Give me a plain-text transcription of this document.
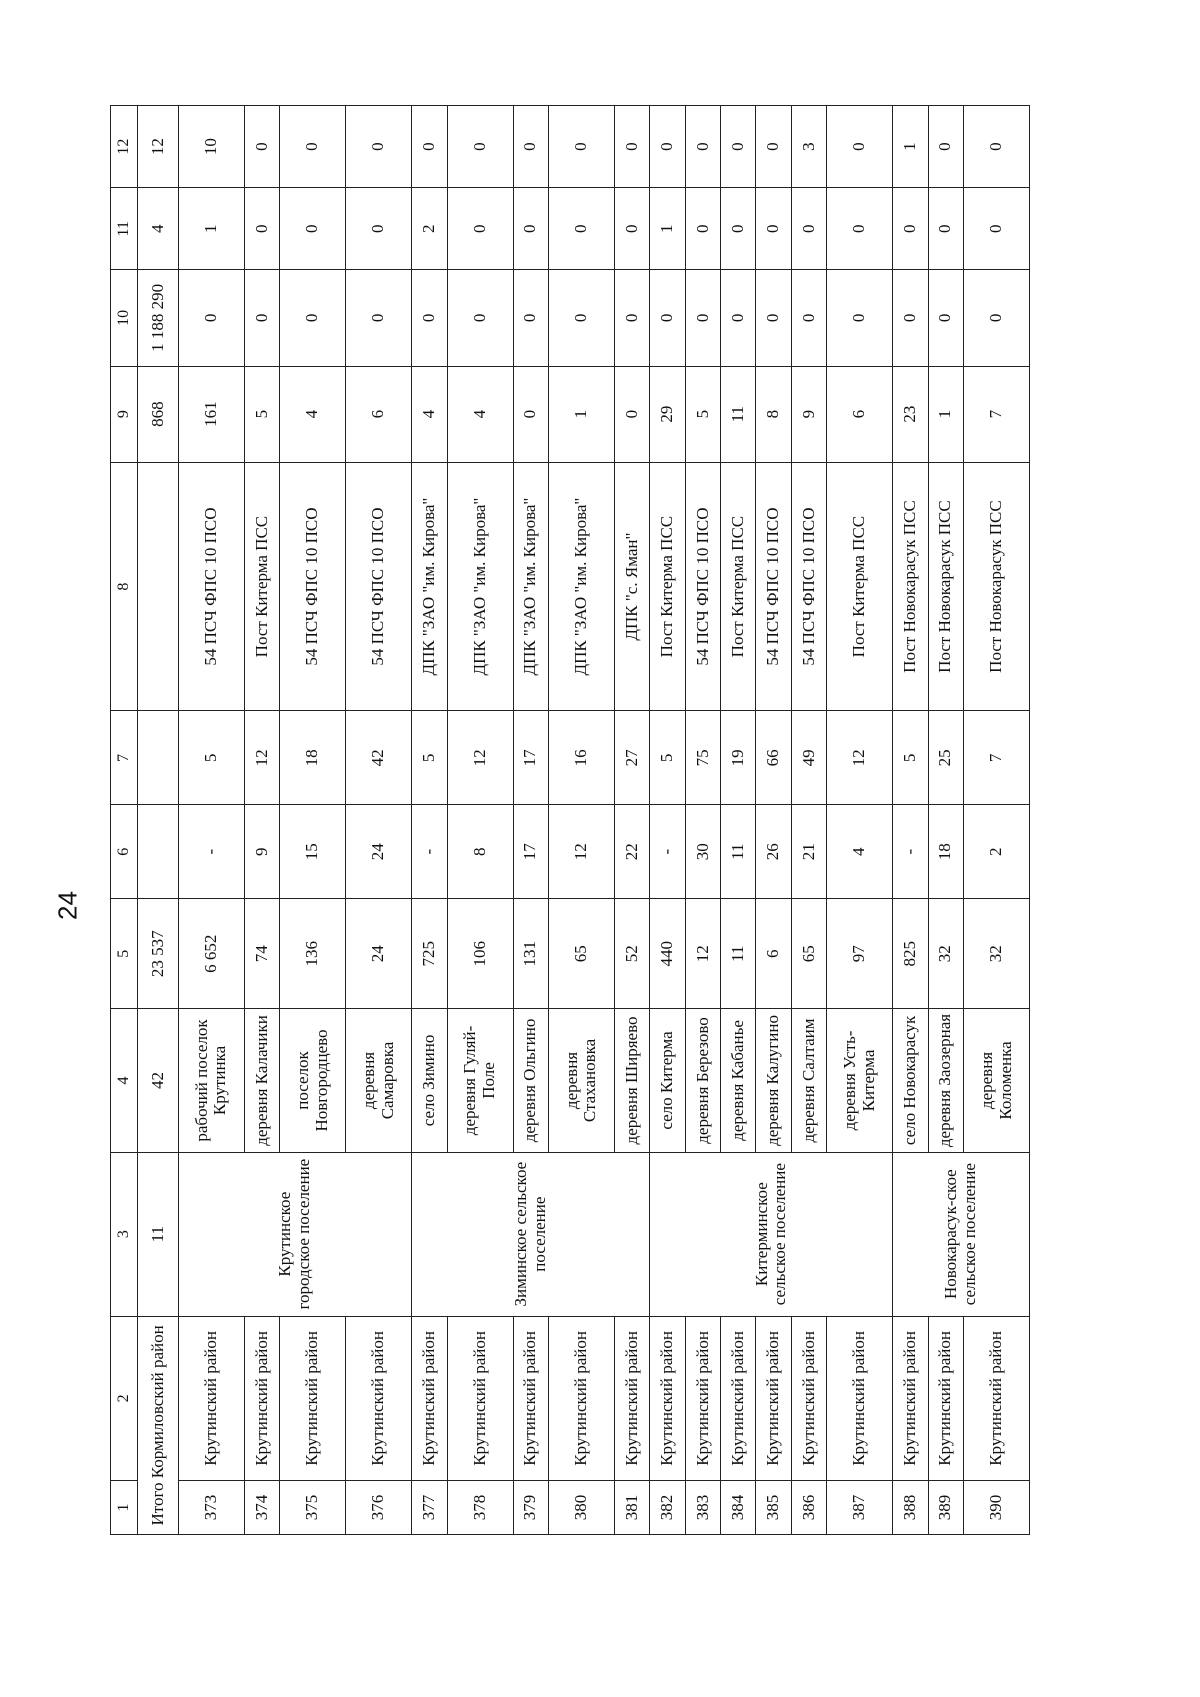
24
1	2	3	4	5	6	7	8	9	10	11	12
Итого Кормиловский район		11	42	23 537				868	1 188 290	4	12
373	Крутинский район	Крутинское городское поселение	рабочий поселок Крутинка	6 652	-	5	54 ПСЧ ФПС 10 ПСО	161	0	1	10
374	Крутинский район		деревня Калачики	74	9	12	Пост Китерма ПСС	5	0	0	0
375	Крутинский район		поселок Новгородцево	136	15	18	54 ПСЧ ФПС 10 ПСО	4	0	0	0
376	Крутинский район		деревня Самаровка	24	24	42	54 ПСЧ ФПС 10 ПСО	6	0	0	0
377	Крутинский район	Зиминское сельское поселение	село Зимино	725	-	5	ДПК "ЗАО "им. Кирова"	4	0	2	0
378	Крутинский район		деревня Гуляй-Поле	106	8	12	ДПК "ЗАО "им. Кирова"	4	0	0	0
379	Крутинский район		деревня Ольгино	131	17	17	ДПК "ЗАО "им. Кирова"	0	0	0	0
380	Крутинский район		деревня Стахановка	65	12	16	ДПК "ЗАО "им. Кирова"	1	0	0	0
381	Крутинский район		деревня Ширяево	52	22	27	ДПК "с. Яман"	0	0	0	0
382	Крутинский район	Китерминское сельское поселение	село Китерма	440	-	5	Пост Китерма ПСС	29	0	1	0
383	Крутинский район		деревня Березово	12	30	75	54 ПСЧ ФПС 10 ПСО	5	0	0	0
384	Крутинский район		деревня Кабанье	11	11	19	Пост Китерма ПСС	11	0	0	0
385	Крутинский район		деревня Калугино	6	26	66	54 ПСЧ ФПС 10 ПСО	8	0	0	0
386	Крутинский район		деревня Салтаим	65	21	49	54 ПСЧ ФПС 10 ПСО	9	0	0	3
387	Крутинский район		деревня Усть-Китерма	97	4	12	Пост Китерма ПСС	6	0	0	0
388	Крутинский район	Новокарасук-ское сельское поселение	село Новокарасук	825	-	5	Пост Новокарасук ПСС	23	0	0	1
389	Крутинский район		деревня Заозерная	32	18	25	Пост Новокарасук ПСС	1	0	0	0
390	Крутинский район		деревня Коломенка	32	2	7	Пост Новокарасук ПСС	7	0	0	0
